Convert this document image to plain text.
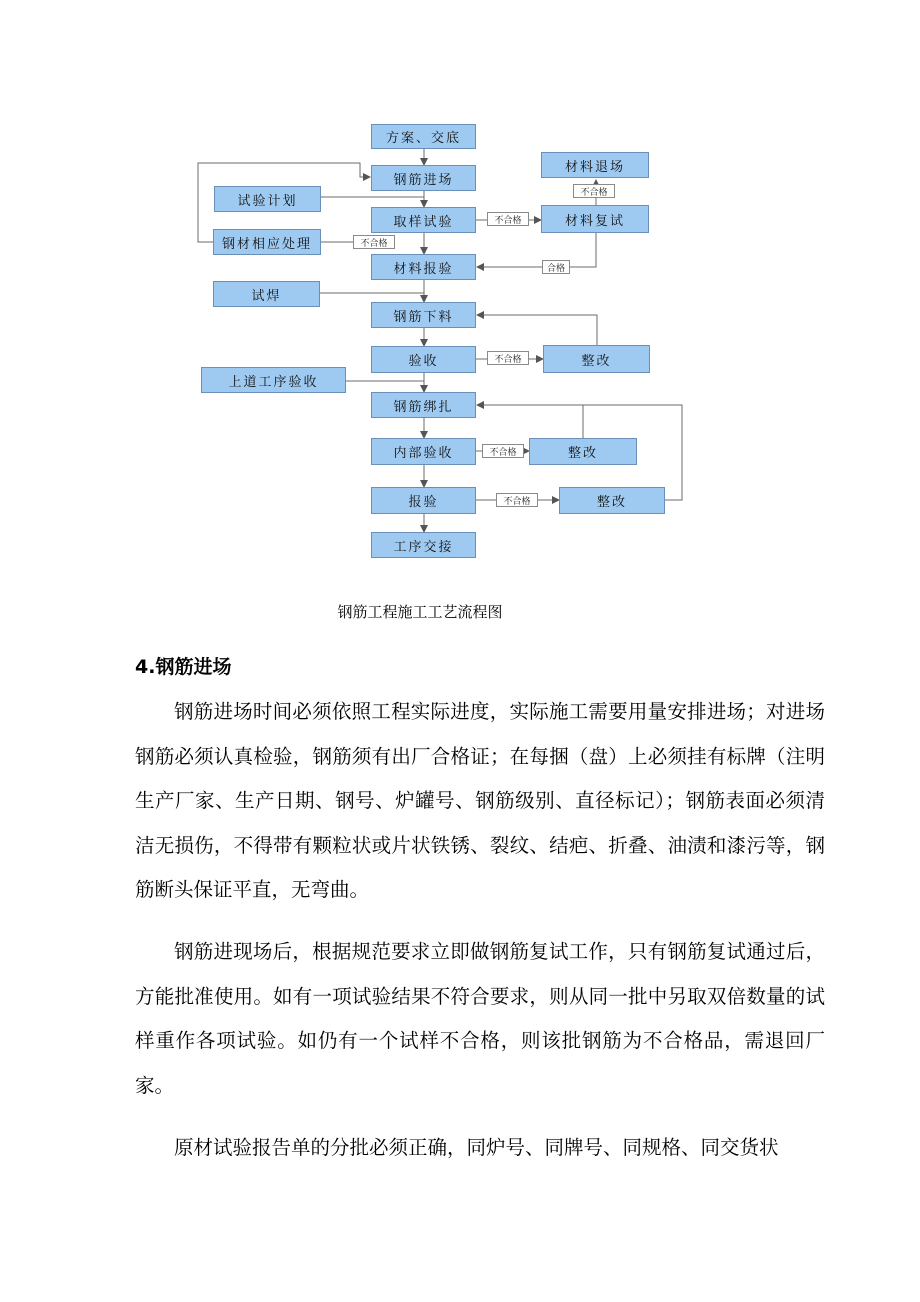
方案、交底
钢筋进场
试验计划
取样试验
钢材相应处理
材料报验
试焊
钢筋下料
验收
上道工序验收
钢筋绑扎
内部验收
报验
工序交接
材料退场
材料复试
整改
整改
整改
不合格
不合格
不合格
合格
不合格
不合格
不合格
钢筋工程施工工艺流程图
4.钢筋进场

钢筋进场时间必须依照工程实际进度，实际施工需要用量安排进场；对进场钢筋必须认真检验，钢筋须有出厂合格证；在每捆（盘）上必须挂有标牌（注明生产厂家、生产日期、钢号、炉罐号、钢筋级别、直径标记）；钢筋表面必须清洁无损伤，不得带有颗粒状或片状铁锈、裂纹、结疤、折叠、油渍和漆污等，钢筋断头保证平直，无弯曲。

钢筋进现场后，根据规范要求立即做钢筋复试工作，只有钢筋复试通过后，方能批准使用。如有一项试验结果不符合要求，则从同一批中另取双倍数量的试样重作各项试验。如仍有一个试样不合格，则该批钢筋为不合格品，需退回厂家。

原材试验报告单的分批必须正确，同炉号、同牌号、同规格、同交货状
